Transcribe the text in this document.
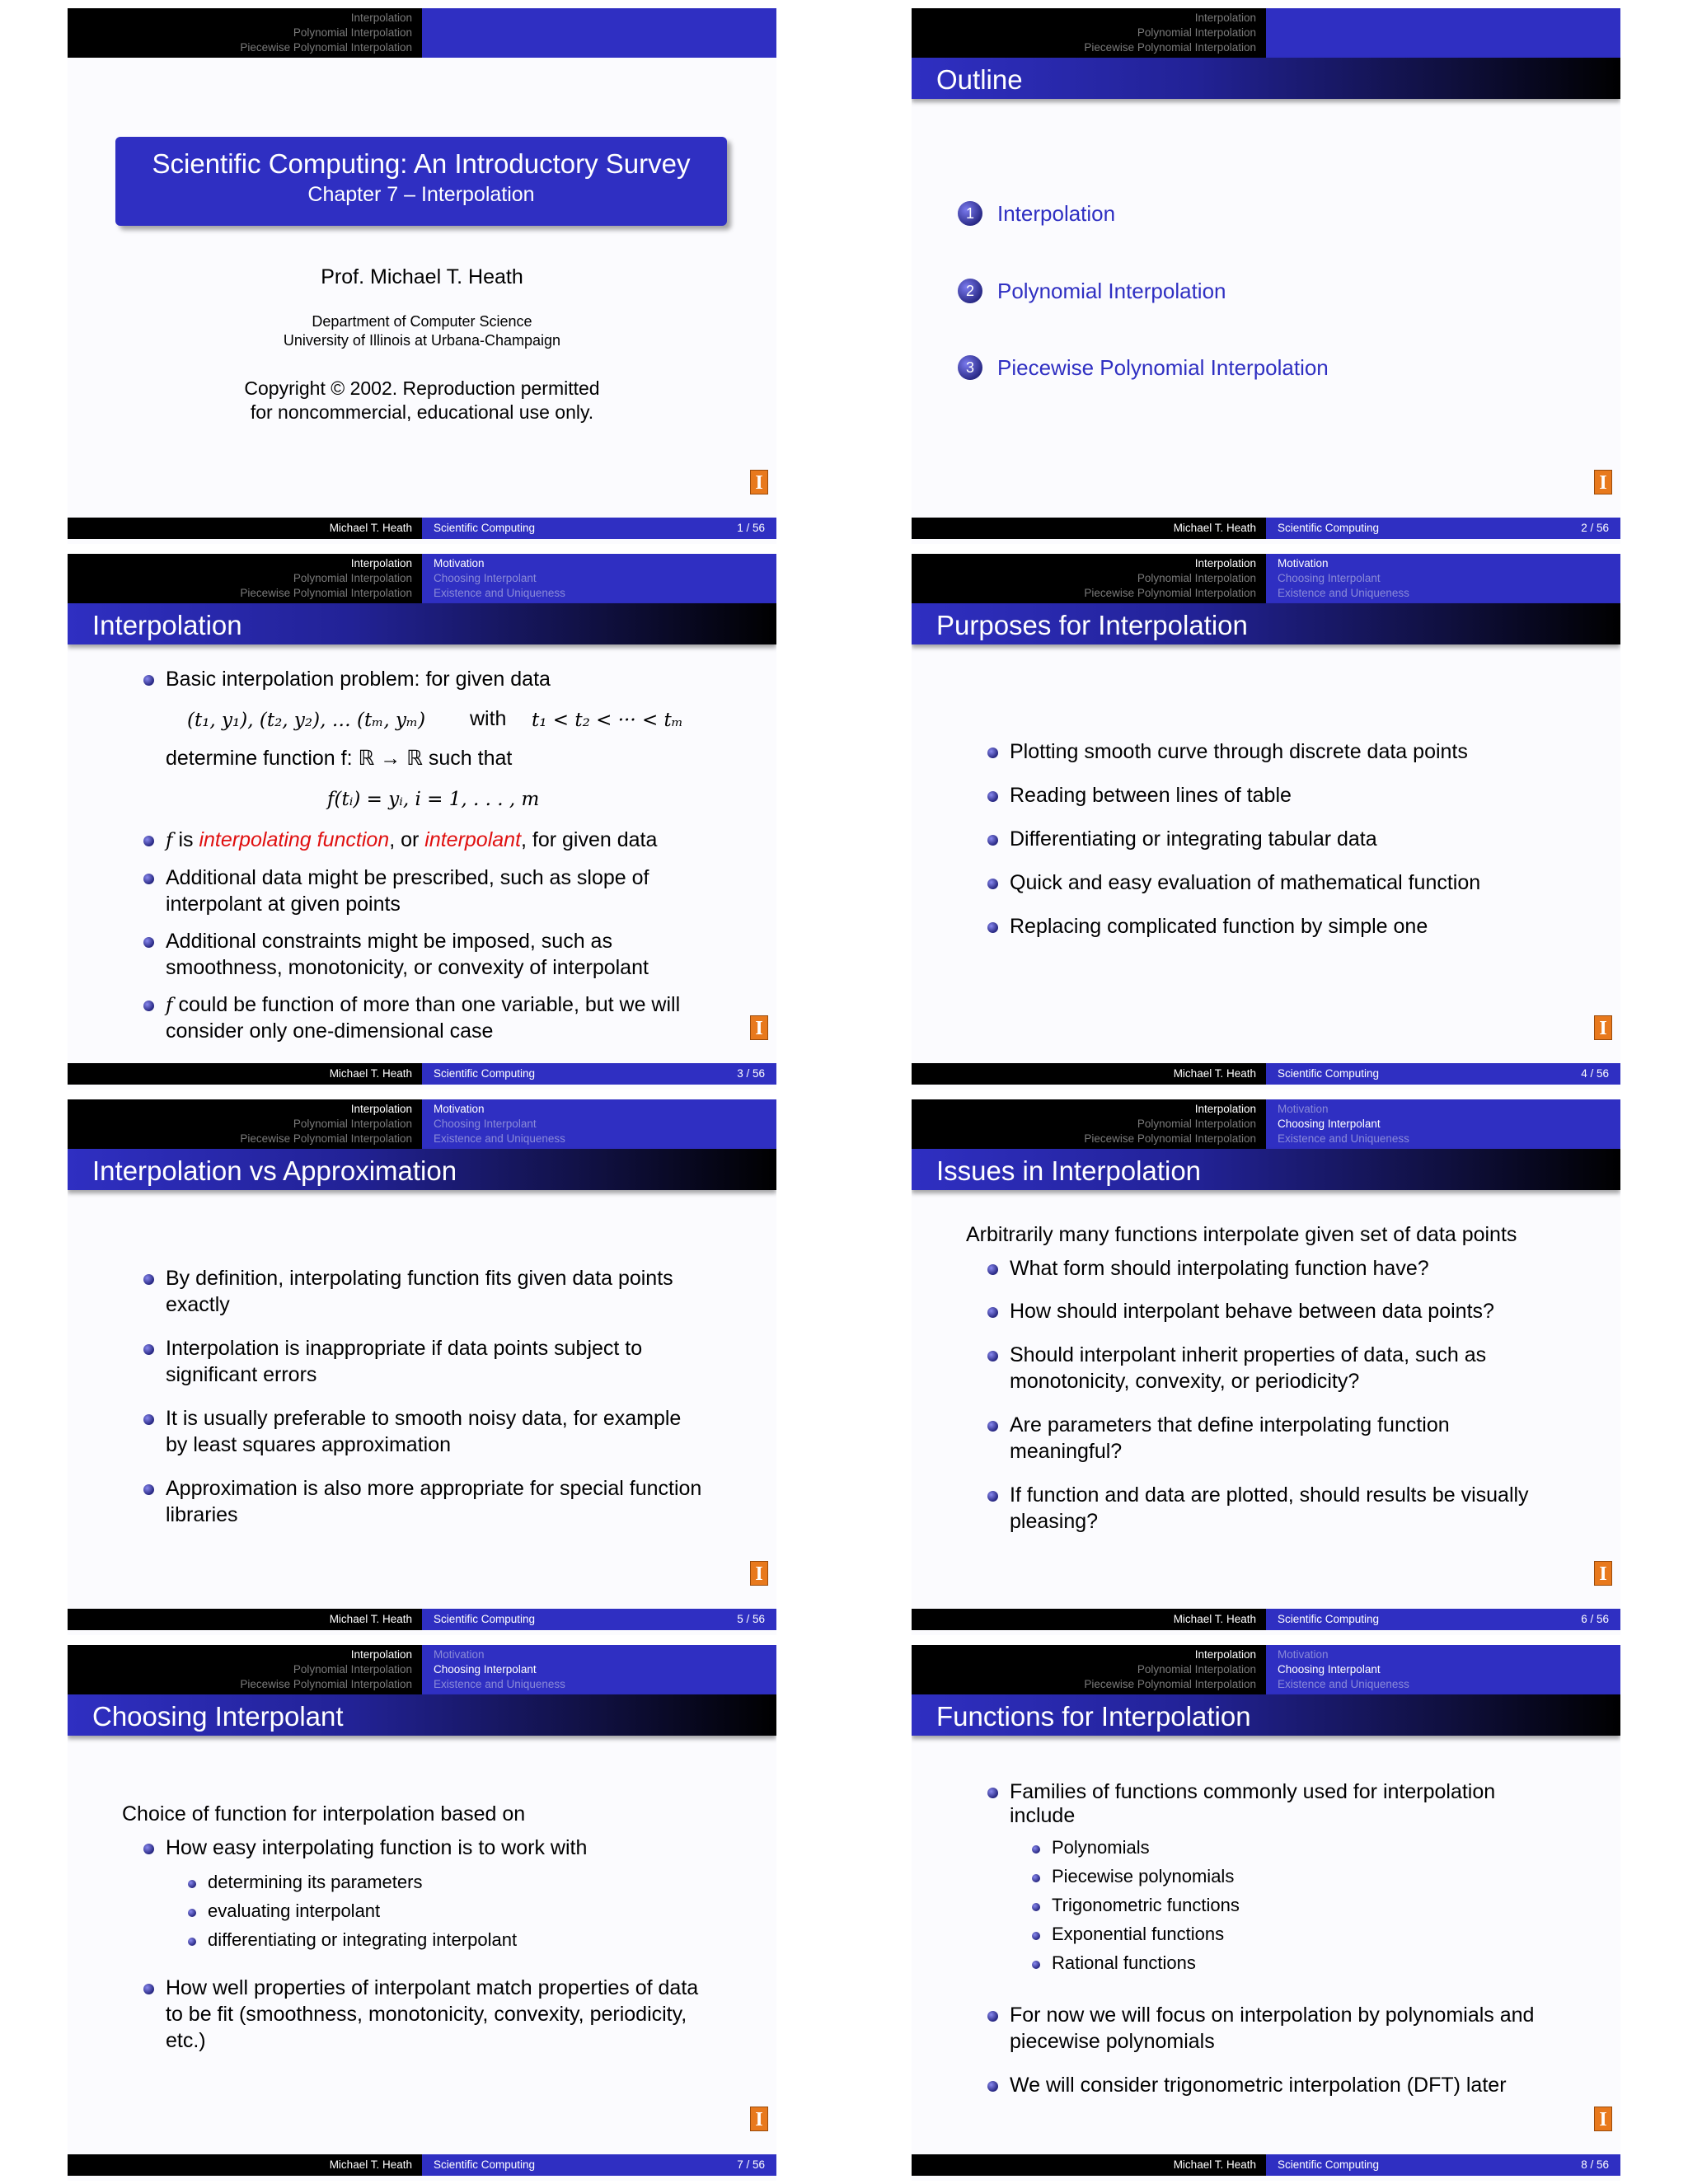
Interpolation
Polynomial Interpolation
Piecewise Polynomial Interpolation
Scientific Computing: An Introductory Survey
Chapter 7 – Interpolation
Prof. Michael T. Heath
Department of Computer Science
University of Illinois at Urbana-Champaign
Copyright © 2002. Reproduction permitted
for noncommercial, educational use only.
I
Michael T. Heath Scientific Computing	1 / 56
Interpolation
Polynomial Interpolation
Piecewise Polynomial Interpolation
Outline
1	Interpolation
2	Polynomial Interpolation
3	Piecewise Polynomial Interpolation
I
Michael T. Heath Scientific Computing	2 / 56
Interpolation
Polynomial Interpolation
Piecewise Polynomial Interpolation
Motivation
Choosing Interpolant
Existence and Uniqueness
Interpolation
Basic interpolation problem: for given data
(t₁, y₁), (t₂, y₂), … (tₘ, yₘ) with t₁ < t₂ < ··· < tₘ
determine function f: ℝ → ℝ such that
f(tᵢ) = yᵢ, i = 1, . . . , m
f is interpolating function, or interpolant, for given data
Additional data might be prescribed, such as slope of
interpolant at given points
Additional constraints might be imposed, such as
smoothness, monotonicity, or convexity of interpolant
f could be function of more than one variable, but we will
consider only one-dimensional case	I
Michael T. Heath Scientific Computing	3 / 56
Interpolation
Polynomial Interpolation
Piecewise Polynomial Interpolation
Motivation
Choosing Interpolant
Existence and Uniqueness
Purposes for Interpolation
Plotting smooth curve through discrete data points
Reading between lines of table
Differentiating or integrating tabular data
Quick and easy evaluation of mathematical function
Replacing complicated function by simple one
I
Michael T. Heath Scientific Computing	4 / 56
Interpolation
Polynomial Interpolation
Piecewise Polynomial Interpolation
Motivation
Choosing Interpolant
Existence and Uniqueness
Interpolation vs Approximation
By definition, interpolating function fits given data points
exactly
Interpolation is inappropriate if data points subject to
significant errors
It is usually preferable to smooth noisy data, for example
by least squares approximation
Approximation is also more appropriate for special function
libraries
I
Michael T. Heath Scientific Computing	5 / 56
Interpolation
Polynomial Interpolation
Piecewise Polynomial Interpolation
Motivation
Choosing Interpolant
Existence and Uniqueness
Issues in Interpolation
Arbitrarily many functions interpolate given set of data points
What form should interpolating function have?
How should interpolant behave between data points?
Should interpolant inherit properties of data, such as
monotonicity, convexity, or periodicity?
Are parameters that define interpolating function
meaningful?
If function and data are plotted, should results be visually
pleasing?
I
Michael T. Heath Scientific Computing	6 / 56
Interpolation
Polynomial Interpolation
Piecewise Polynomial Interpolation
Motivation
Choosing Interpolant
Existence and Uniqueness
Choosing Interpolant
Choice of function for interpolation based on
How easy interpolating function is to work with
determining its parameters
evaluating interpolant
differentiating or integrating interpolant
How well properties of interpolant match properties of data
to be fit (smoothness, monotonicity, convexity, periodicity,
etc.)
I
Michael T. Heath Scientific Computing	7 / 56
Interpolation
Polynomial Interpolation
Piecewise Polynomial Interpolation
Motivation
Choosing Interpolant
Existence and Uniqueness
Functions for Interpolation
Families of functions commonly used for interpolation
include
Polynomials
Piecewise polynomials
Trigonometric functions
Exponential functions
Rational functions
For now we will focus on interpolation by polynomials and
piecewise polynomials
We will consider trigonometric interpolation (DFT) later
I
Michael T. Heath Scientific Computing	8 / 56
